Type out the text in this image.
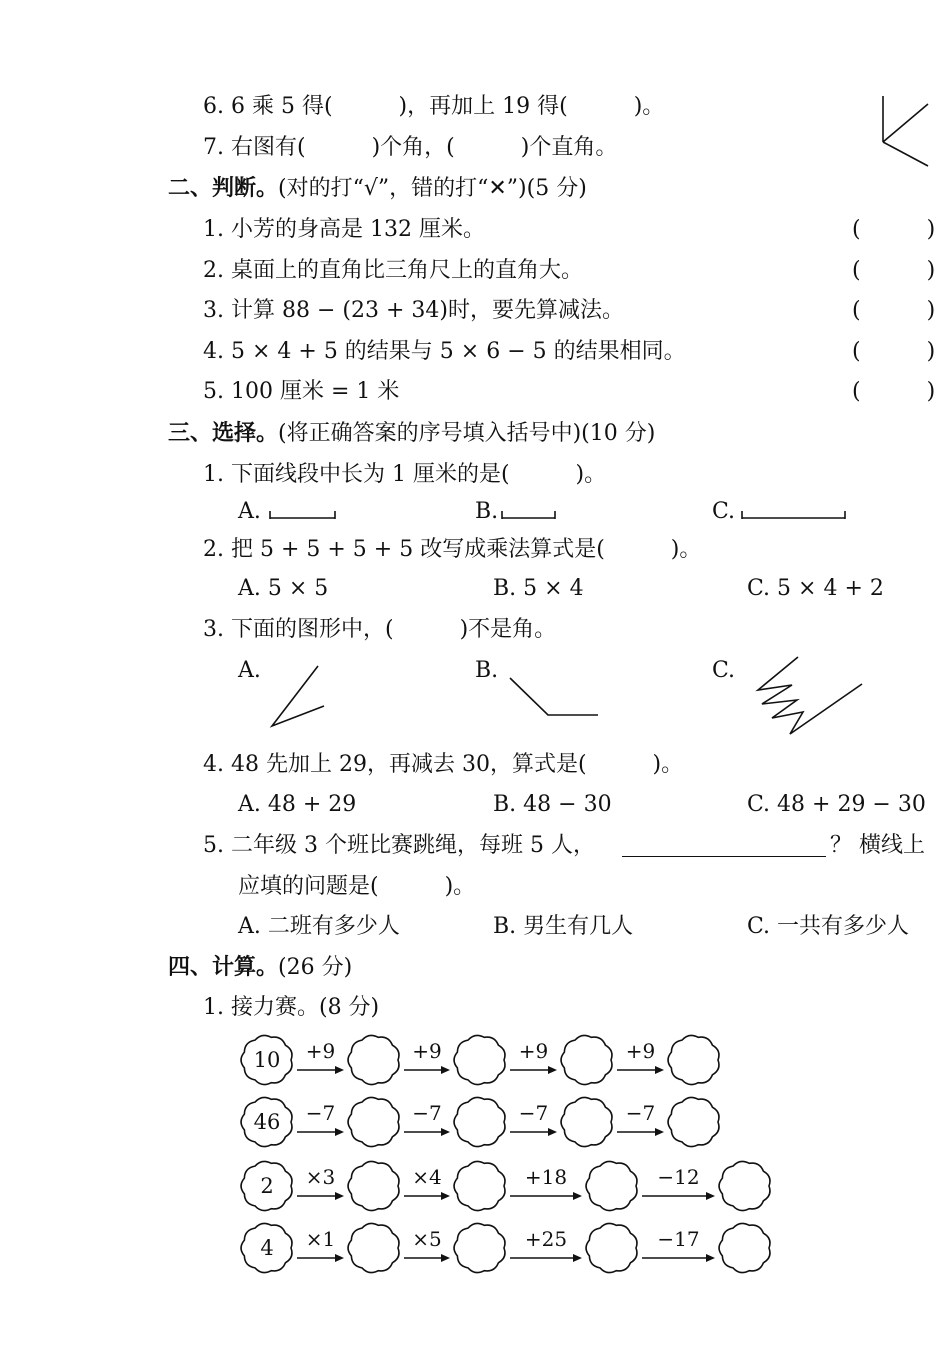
6. 6 乘 5 得(　　　)，再加上 19 得(　　　)。
7. 右图有(　　　)个角，(　　　)个直角。
二、判断。(对的打“√”，错的打“✕”)(5 分)
1. 小芳的身高是 132 厘米。	(　　　)
2. 桌面上的直角比三角尺上的直角大。	(　　　)
3. 计算 88 − (23 + 34)时，要先算减法。	(　　　)
4. 5 × 4 + 5 的结果与 5 × 6 − 5 的结果相同。	(　　　)
5. 100 厘米 = 1 米	(　　　)
三、选择。(将正确答案的序号填入括号中)(10 分)
1. 下面线段中长为 1 厘米的是(　　　)。
A.	B.	C.
2. 把 5 + 5 + 5 + 5 改写成乘法算式是(　　　)。
A. 5 × 5	B. 5 × 4	C. 5 × 4 + 2
3. 下面的图形中，(　　　)不是角。
A.	B.	C.
4. 48 先加上 29，再减去 30，算式是(　　　)。
A. 48 + 29	B. 48 − 30	C. 48 + 29 − 30
5. 二年级 3 个班比赛跳绳，每班 5 人，	？ 横线上
应填的问题是(　　　)。
A. 二班有多少人	B. 男生有几人	C. 一共有多少人
四、计算。(26 分)
1. 接力赛。(8 分)
10 +9	+9	+9	+9
46 −7	−7	−7	−7
2 ×3	×4	+18	−12
4 ×1	×5	+25	−17
